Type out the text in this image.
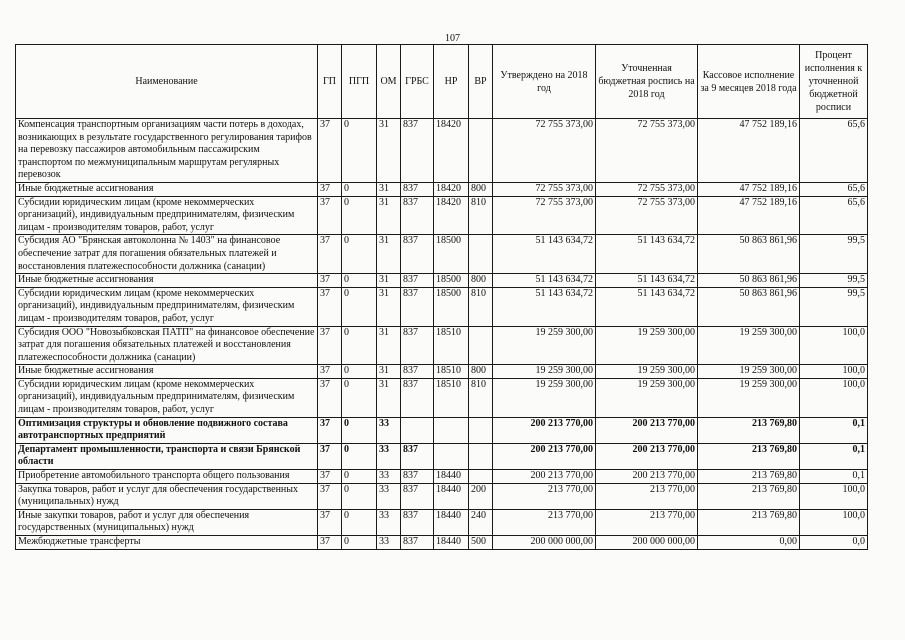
107
Наименование	ГП	ПГП	ОМ	ГРБС	НР	ВР	Утверждено на 2018 год	Уточненная бюджетная роспись на 2018 год	Кассовое исполнение за 9 месяцев 2018 года	Процент исполнения к уточненной бюджетной росписи
Компенсация транспортным организациям части потерь в доходах, возникающих в результате государственного регулирования тарифов на перевозку пассажиров автомобильным пассажирским транспортом по межмуниципальным маршрутам регулярных перевозок	37	0	31	837	18420		72 755 373,00	72 755 373,00	47 752 189,16	65,6
Иные бюджетные ассигнования	37	0	31	837	18420	800	72 755 373,00	72 755 373,00	47 752 189,16	65,6
Субсидии юридическим лицам (кроме некоммерческих организаций), индивидуальным предпринимателям, физическим лицам - производителям товаров, работ, услуг	37	0	31	837	18420	810	72 755 373,00	72 755 373,00	47 752 189,16	65,6
Субсидия АО "Брянская автоколонна № 1403" на финансовое обеспечение затрат для погашения обязательных платежей и восстановления платежеспособности должника (санации)	37	0	31	837	18500		51 143 634,72	51 143 634,72	50 863 861,96	99,5
Иные бюджетные ассигнования	37	0	31	837	18500	800	51 143 634,72	51 143 634,72	50 863 861,96	99,5
Субсидии юридическим лицам (кроме некоммерческих организаций), индивидуальным предпринимателям, физическим лицам - производителям товаров, работ, услуг	37	0	31	837	18500	810	51 143 634,72	51 143 634,72	50 863 861,96	99,5
Субсидия ООО "Новозыбковская ПАТП" на финансовое обеспечение затрат для погашения обязательных платежей и восстановления платежеспособности должника (санации)	37	0	31	837	18510		19 259 300,00	19 259 300,00	19 259 300,00	100,0
Иные бюджетные ассигнования	37	0	31	837	18510	800	19 259 300,00	19 259 300,00	19 259 300,00	100,0
Субсидии юридическим лицам (кроме некоммерческих организаций), индивидуальным предпринимателям, физическим лицам - производителям товаров, работ, услуг	37	0	31	837	18510	810	19 259 300,00	19 259 300,00	19 259 300,00	100,0
Оптимизация структуры и обновление подвижного состава автотранспортных предприятий	37	0	33				200 213 770,00	200 213 770,00	213 769,80	0,1
Департамент промышленности, транспорта и связи Брянской области	37	0	33	837			200 213 770,00	200 213 770,00	213 769,80	0,1
Приобретение автомобильного транспорта общего пользования	37	0	33	837	18440		200 213 770,00	200 213 770,00	213 769,80	0,1
Закупка товаров, работ и услуг для обеспечения государственных (муниципальных) нужд	37	0	33	837	18440	200	213 770,00	213 770,00	213 769,80	100,0
Иные закупки товаров, работ и услуг для обеспечения государственных (муниципальных) нужд	37	0	33	837	18440	240	213 770,00	213 770,00	213 769,80	100,0
Межбюджетные трансферты	37	0	33	837	18440	500	200 000 000,00	200 000 000,00	0,00	0,0
